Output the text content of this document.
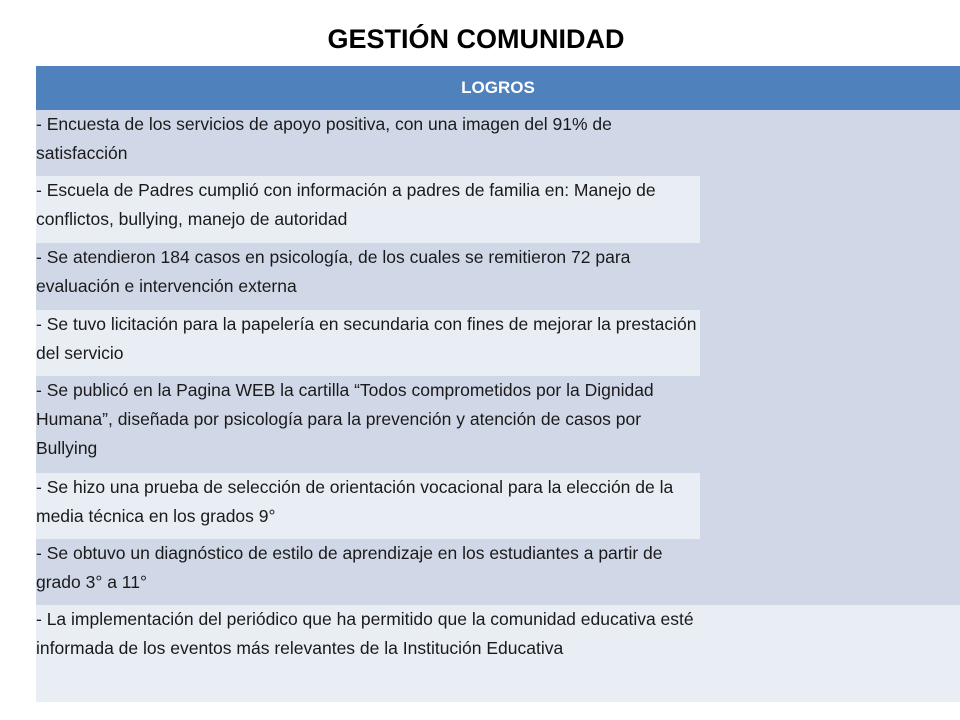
GESTIÓN COMUNIDAD
LOGROS	
- Encuesta de los servicios de apoyo positiva, con una imagen del 91% de satisfacción	
- Escuela de Padres cumplió con información a padres de familia en: Manejo de conflictos, bullying, manejo de autoridad	
- Se atendieron 184 casos en psicología, de los cuales se remitieron 72 para evaluación e intervención externa	
- Se tuvo licitación para la papelería en secundaria con fines de mejorar la prestación del servicio	
- Se publicó en la Pagina WEB la cartilla “Todos comprometidos por la Dignidad Humana”, diseñada por psicología para la prevención y atención de casos por Bullying	
- Se hizo una prueba de selección de orientación vocacional para la elección de la media técnica en los grados 9°	
- Se obtuvo un diagnóstico de estilo de aprendizaje en los estudiantes a partir de grado 3° a 11°	
- La implementación del periódico que ha permitido que la comunidad educativa esté informada de los eventos más relevantes de la Institución Educativa	
